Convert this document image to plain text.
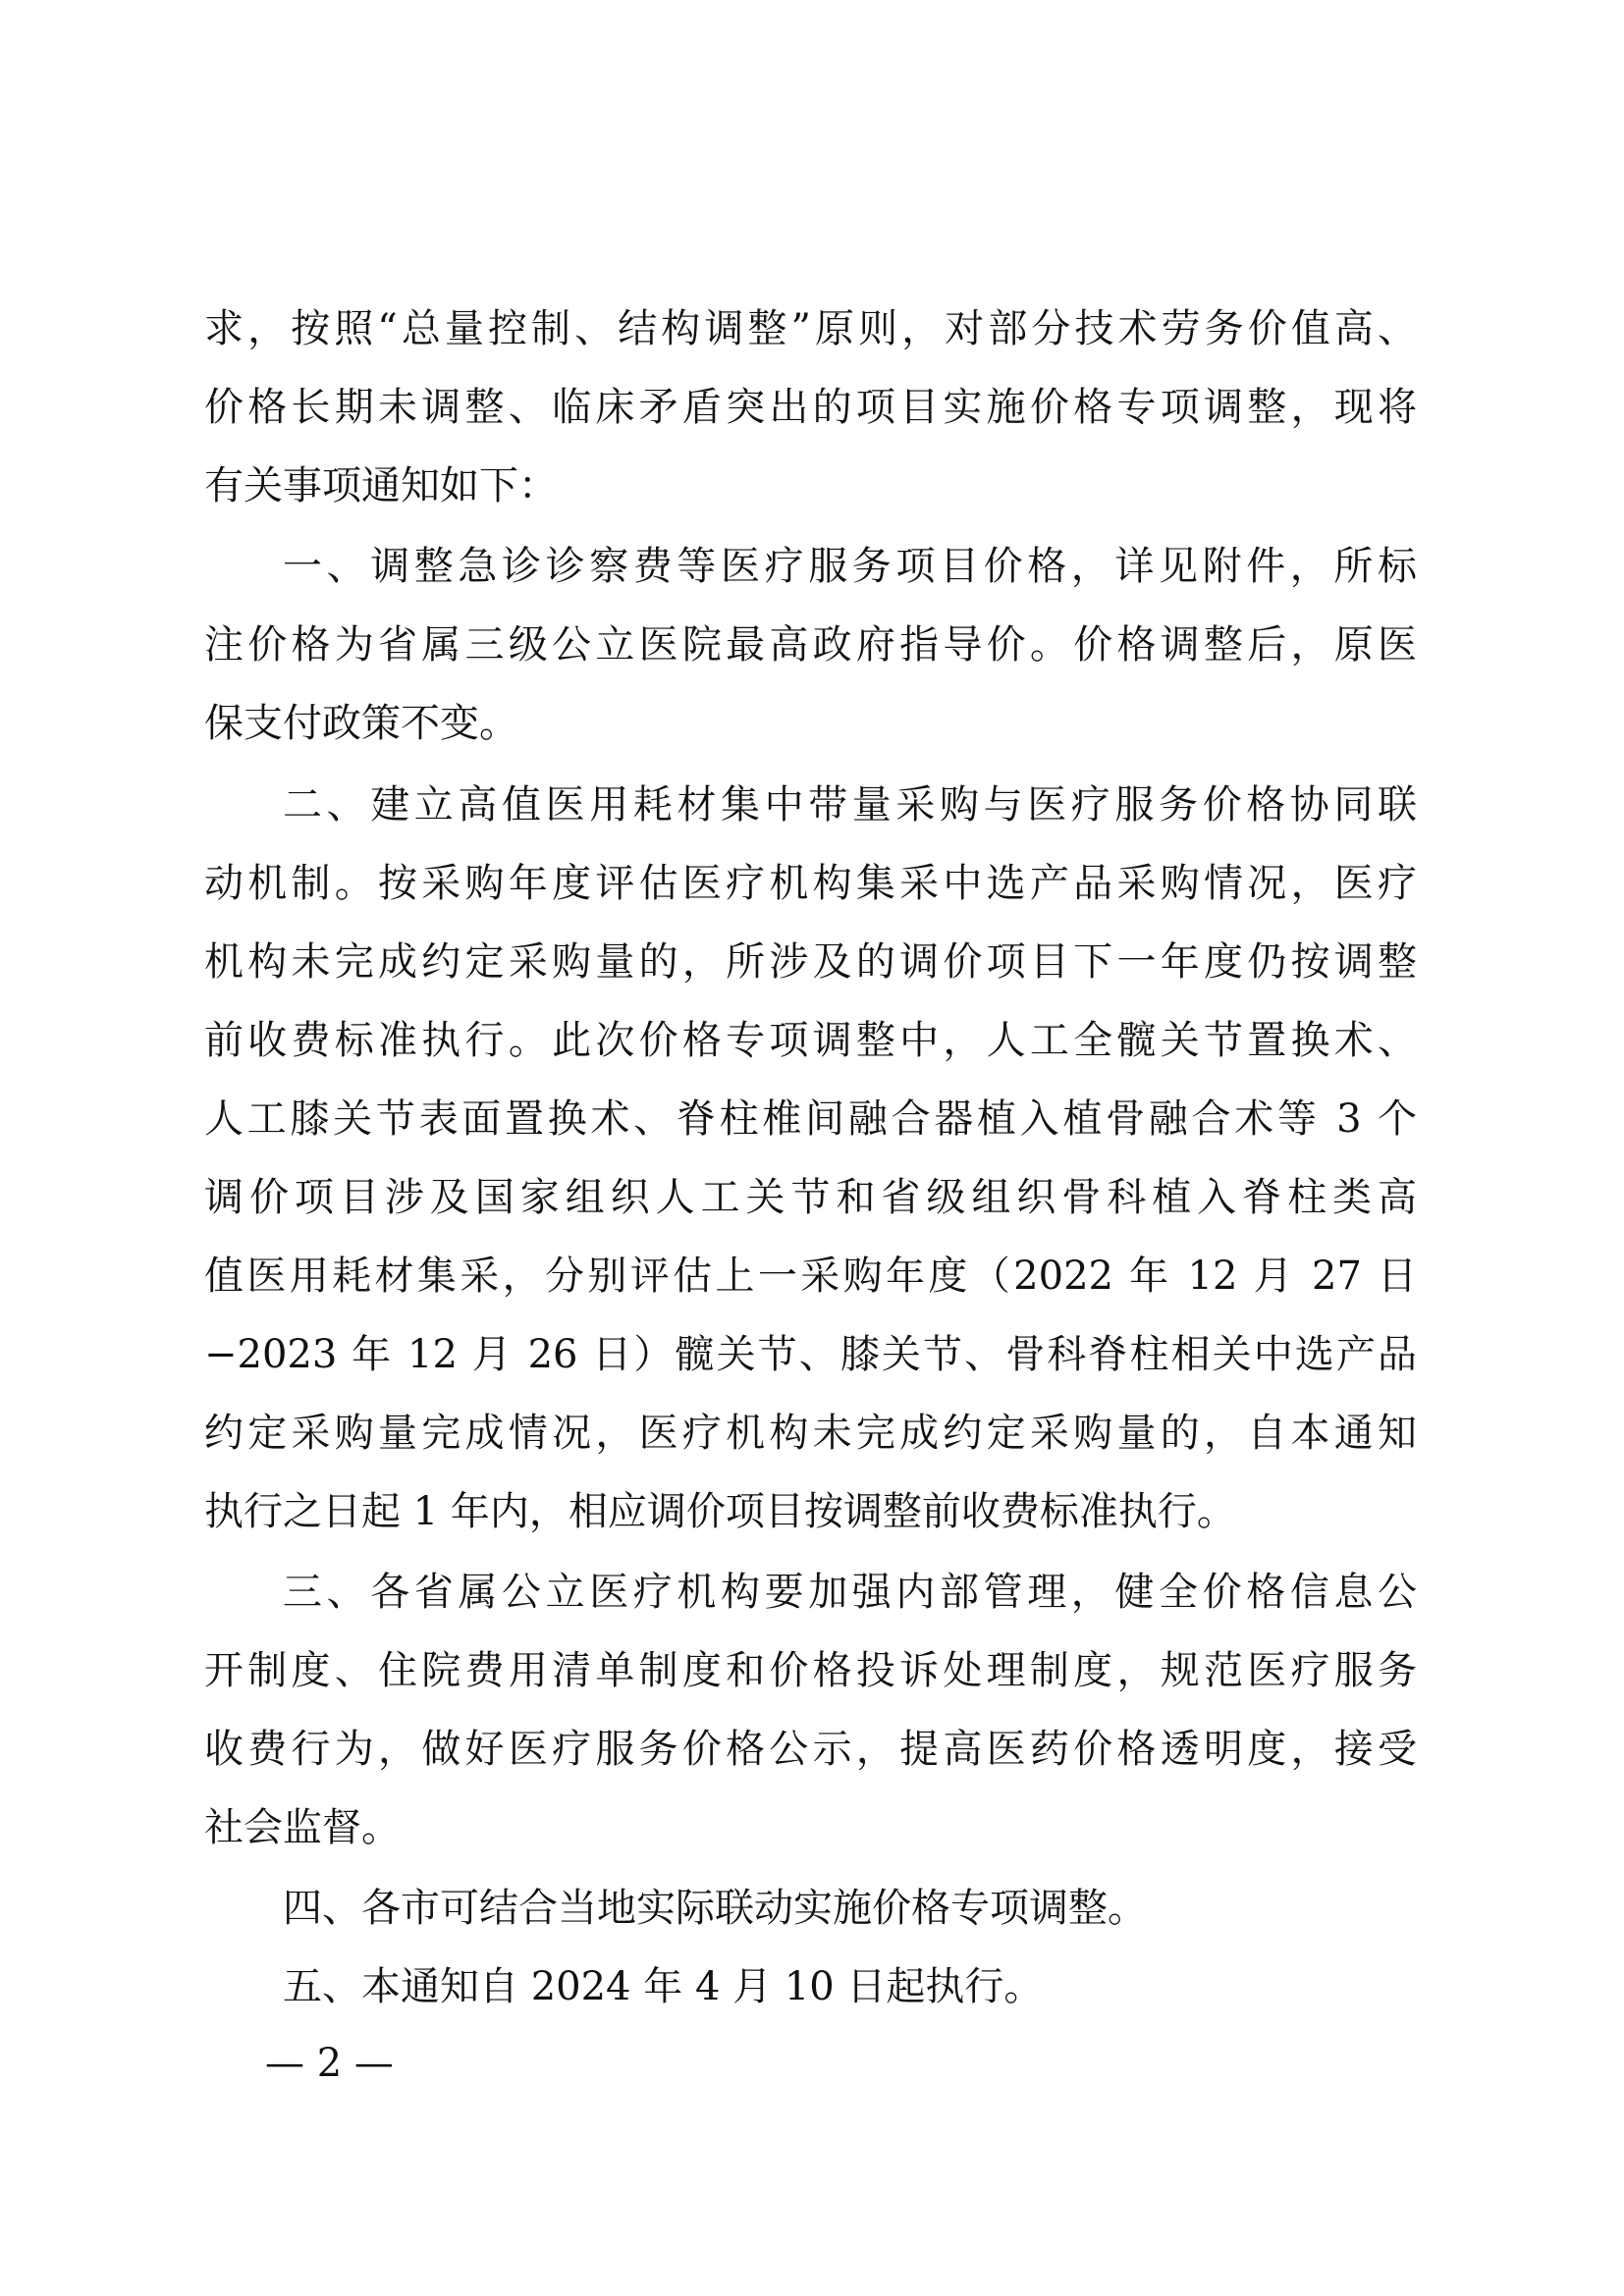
求，按照“总量控制、结构调整”原则，对部分技术劳务价值高、
价格长期未调整、临床矛盾突出的项目实施价格专项调整，现将
有关事项通知如下：
一、调整急诊诊察费等医疗服务项目价格，详见附件，所标
注价格为省属三级公立医院最高政府指导价。价格调整后，原医
保支付政策不变。
二、建立高值医用耗材集中带量采购与医疗服务价格协同联
动机制。按采购年度评估医疗机构集采中选产品采购情况，医疗
机构未完成约定采购量的，所涉及的调价项目下一年度仍按调整
前收费标准执行。此次价格专项调整中，人工全髋关节置换术、
人工膝关节表面置换术、脊柱椎间融合器植入植骨融合术等 3 个
调价项目涉及国家组织人工关节和省级组织骨科植入脊柱类高
值医用耗材集采，分别评估上一采购年度（2022 年 12 月 27 日
−2023 年 12 月 26 日）髋关节、膝关节、骨科脊柱相关中选产品
约定采购量完成情况，医疗机构未完成约定采购量的，自本通知
执行之日起 1 年内，相应调价项目按调整前收费标准执行。
三、各省属公立医疗机构要加强内部管理，健全价格信息公
开制度、住院费用清单制度和价格投诉处理制度，规范医疗服务
收费行为，做好医疗服务价格公示，提高医药价格透明度，接受
社会监督。
四、各市可结合当地实际联动实施价格专项调整。
五、本通知自 2024 年 4 月 10 日起执行。
— 2 —
